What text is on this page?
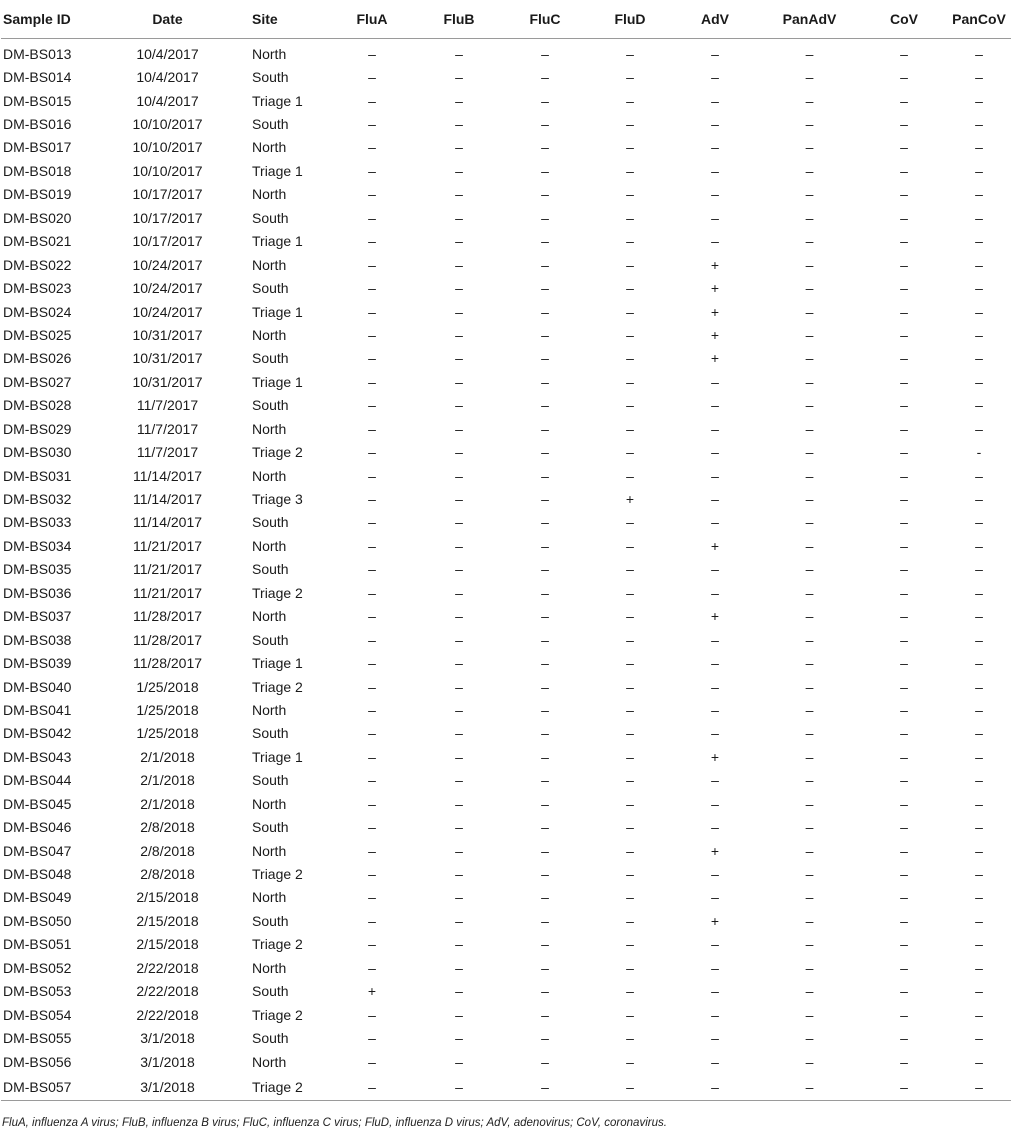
Sample ID	Date	Site	FluA	FluB	FluC	FluD	AdV	PanAdV	CoV	PanCoV
DM-BS013	10/4/2017	North	–	–	–	–	–	–	–	–
DM-BS014	10/4/2017	South	–	–	–	–	–	–	–	–
DM-BS015	10/4/2017	Triage 1	–	–	–	–	–	–	–	–
DM-BS016	10/10/2017	South	–	–	–	–	–	–	–	–
DM-BS017	10/10/2017	North	–	–	–	–	–	–	–	–
DM-BS018	10/10/2017	Triage 1	–	–	–	–	–	–	–	–
DM-BS019	10/17/2017	North	–	–	–	–	–	–	–	–
DM-BS020	10/17/2017	South	–	–	–	–	–	–	–	–
DM-BS021	10/17/2017	Triage 1	–	–	–	–	–	–	–	–
DM-BS022	10/24/2017	North	–	–	–	–	+	–	–	–
DM-BS023	10/24/2017	South	–	–	–	–	+	–	–	–
DM-BS024	10/24/2017	Triage 1	–	–	–	–	+	–	–	–
DM-BS025	10/31/2017	North	–	–	–	–	+	–	–	–
DM-BS026	10/31/2017	South	–	–	–	–	+	–	–	–
DM-BS027	10/31/2017	Triage 1	–	–	–	–	–	–	–	–
DM-BS028	11/7/2017	South	–	–	–	–	–	–	–	–
DM-BS029	11/7/2017	North	–	–	–	–	–	–	–	–
DM-BS030	11/7/2017	Triage 2	–	–	–	–	–	–	–	-
DM-BS031	11/14/2017	North	–	–	–	–	–	–	–	–
DM-BS032	11/14/2017	Triage 3	–	–	–	+	–	–	–	–
DM-BS033	11/14/2017	South	–	–	–	–	–	–	–	–
DM-BS034	11/21/2017	North	–	–	–	–	+	–	–	–
DM-BS035	11/21/2017	South	–	–	–	–	–	–	–	–
DM-BS036	11/21/2017	Triage 2	–	–	–	–	–	–	–	–
DM-BS037	11/28/2017	North	–	–	–	–	+	–	–	–
DM-BS038	11/28/2017	South	–	–	–	–	–	–	–	–
DM-BS039	11/28/2017	Triage 1	–	–	–	–	–	–	–	–
DM-BS040	1/25/2018	Triage 2	–	–	–	–	–	–	–	–
DM-BS041	1/25/2018	North	–	–	–	–	–	–	–	–
DM-BS042	1/25/2018	South	–	–	–	–	–	–	–	–
DM-BS043	2/1/2018	Triage 1	–	–	–	–	+	–	–	–
DM-BS044	2/1/2018	South	–	–	–	–	–	–	–	–
DM-BS045	2/1/2018	North	–	–	–	–	–	–	–	–
DM-BS046	2/8/2018	South	–	–	–	–	–	–	–	–
DM-BS047	2/8/2018	North	–	–	–	–	+	–	–	–
DM-BS048	2/8/2018	Triage 2	–	–	–	–	–	–	–	–
DM-BS049	2/15/2018	North	–	–	–	–	–	–	–	–
DM-BS050	2/15/2018	South	–	–	–	–	+	–	–	–
DM-BS051	2/15/2018	Triage 2	–	–	–	–	–	–	–	–
DM-BS052	2/22/2018	North	–	–	–	–	–	–	–	–
DM-BS053	2/22/2018	South	+	–	–	–	–	–	–	–
DM-BS054	2/22/2018	Triage 2	–	–	–	–	–	–	–	–
DM-BS055	3/1/2018	South	–	–	–	–	–	–	–	–
DM-BS056	3/1/2018	North	–	–	–	–	–	–	–	–
DM-BS057	3/1/2018	Triage 2	–	–	–	–	–	–	–	–
FluA, influenza A virus; FluB, influenza B virus; FluC, influenza C virus; FluD, influenza D virus; AdV, adenovirus; CoV, coronavirus.
